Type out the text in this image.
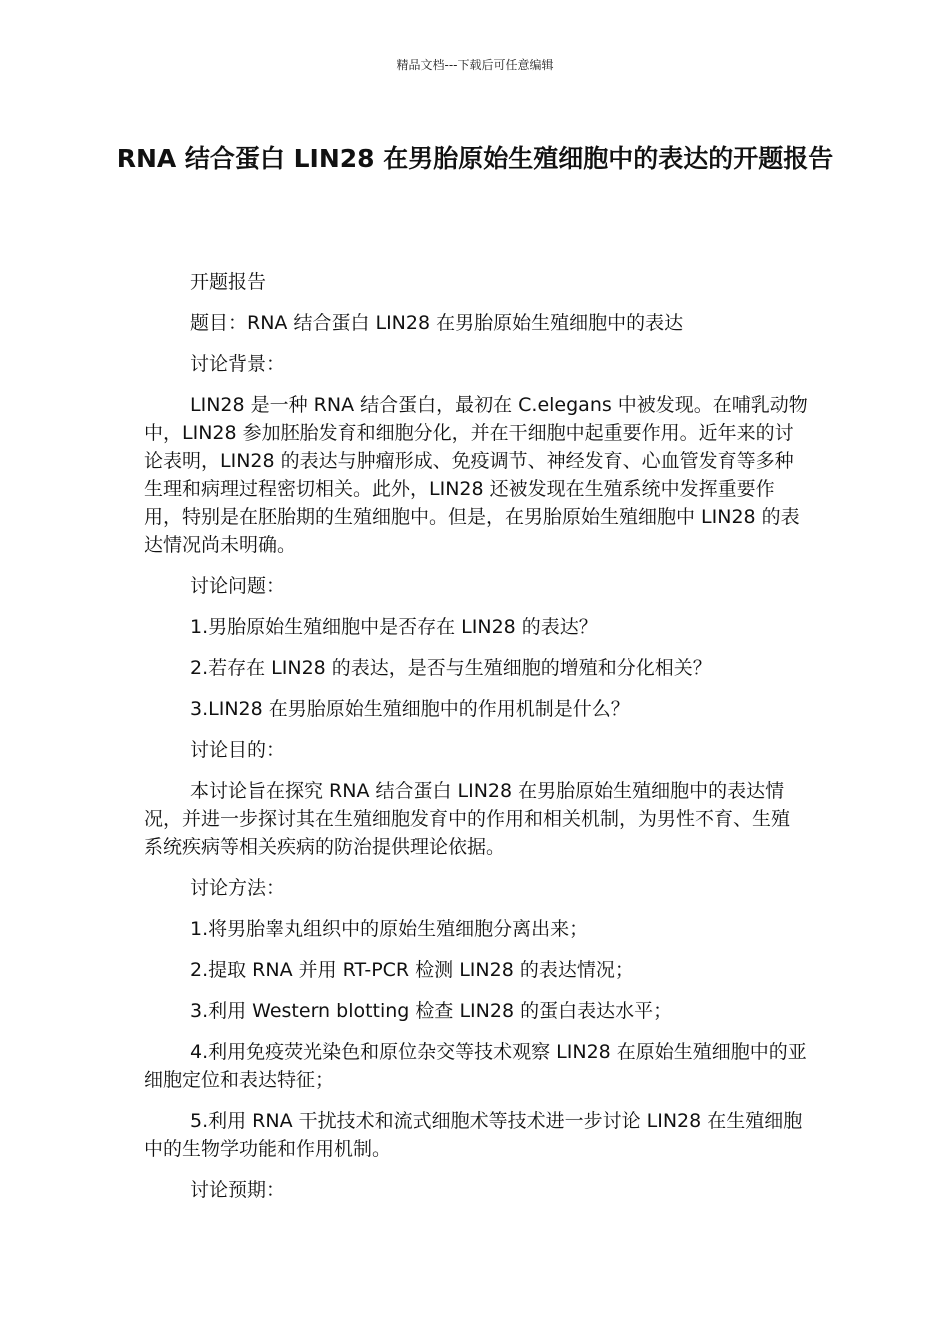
精品文档---下载后可任意编辑
RNA 结合蛋白 LIN28 在男胎原始生殖细胞中的表达的开题报告

开题报告

题目：RNA 结合蛋白 LIN28 在男胎原始生殖细胞中的表达

讨论背景：

LIN28 是一种 RNA 结合蛋白，最初在 C.elegans 中被发现。在哺乳动物中，LIN28 参加胚胎发育和细胞分化，并在干细胞中起重要作用。近年来的讨论表明，LIN28 的表达与肿瘤形成、免疫调节、神经发育、心血管发育等多种生理和病理过程密切相关。此外，LIN28 还被发现在生殖系统中发挥重要作用，特别是在胚胎期的生殖细胞中。但是，在男胎原始生殖细胞中 LIN28 的表达情况尚未明确。

讨论问题：

1.男胎原始生殖细胞中是否存在 LIN28 的表达？

2.若存在 LIN28 的表达，是否与生殖细胞的增殖和分化相关？

3.LIN28 在男胎原始生殖细胞中的作用机制是什么？

讨论目的：

本讨论旨在探究 RNA 结合蛋白 LIN28 在男胎原始生殖细胞中的表达情况，并进一步探讨其在生殖细胞发育中的作用和相关机制，为男性不育、生殖系统疾病等相关疾病的防治提供理论依据。

讨论方法：

1.将男胎睾丸组织中的原始生殖细胞分离出来；

2.提取 RNA 并用 RT-PCR 检测 LIN28 的表达情况；

3.利用 Western blotting 检查 LIN28 的蛋白表达水平；

4.利用免疫荧光染色和原位杂交等技术观察 LIN28 在原始生殖细胞中的亚细胞定位和表达特征；

5.利用 RNA 干扰技术和流式细胞术等技术进一步讨论 LIN28 在生殖细胞中的生物学功能和作用机制。

讨论预期：
